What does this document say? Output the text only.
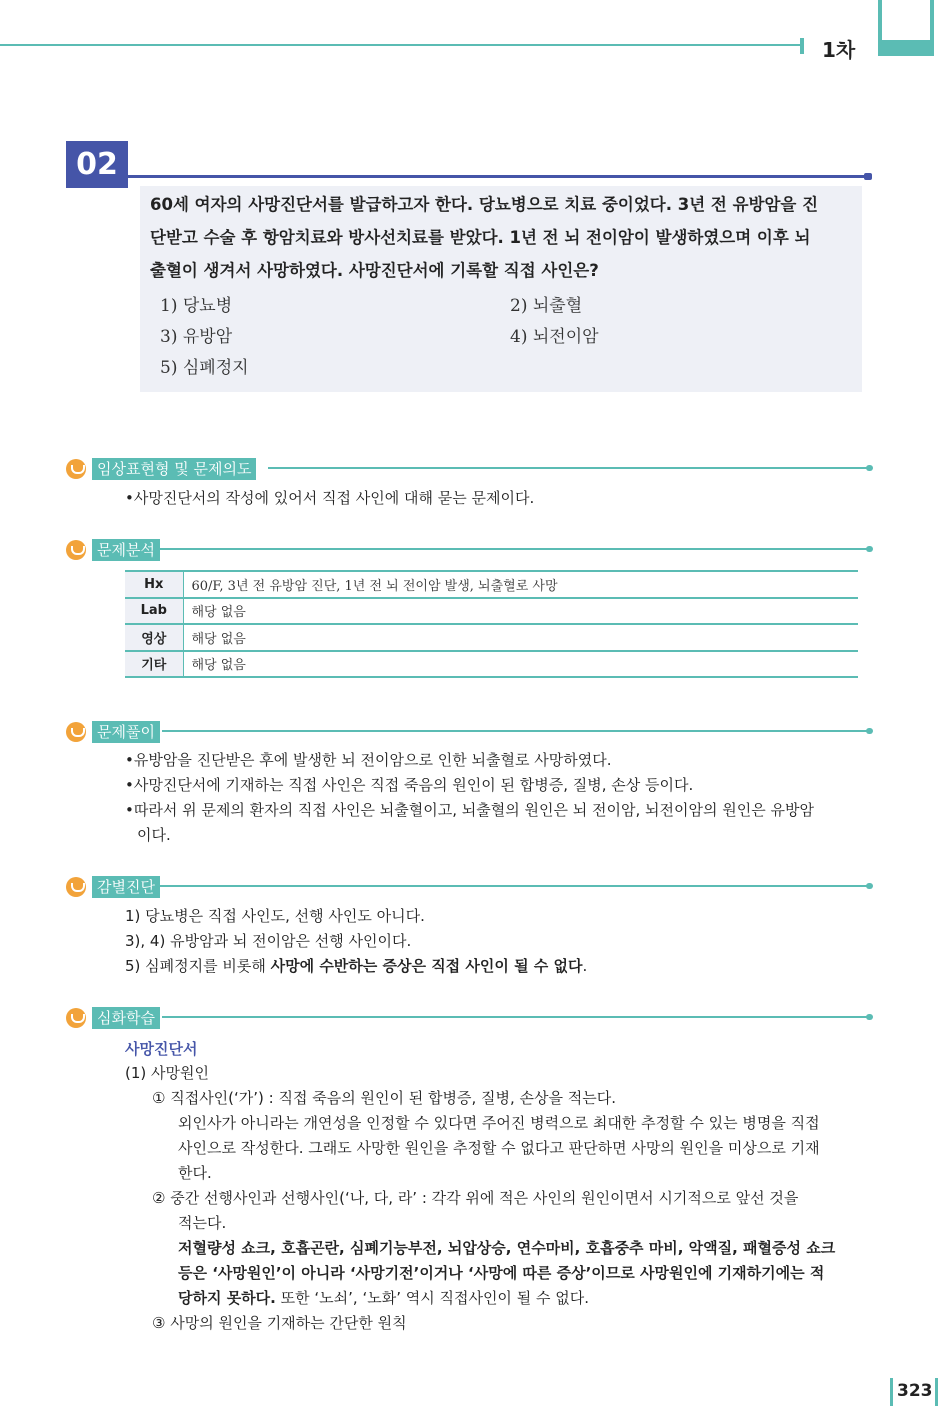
1차
02
60세 여자의 사망진단서를 발급하고자 한다. 당뇨병으로 치료 중이었다. 3년 전 유방암을 진
단받고 수술 후 항암치료와 방사선치료를 받았다. 1년 전 뇌 전이암이 발생하였으며 이후 뇌
출혈이 생겨서 사망하였다. 사망진단서에 기록할 직접 사인은?
1) 당뇨병	2) 뇌출혈
3) 유방암	4) 뇌전이암
5) 심폐정지
임상표현형 및 문제의도
•사망진단서의 작성에 있어서 직접 사인에 대해 묻는 문제이다.
문제분석
Hx	60/F, 3년 전 유방암 진단, 1년 전 뇌 전이암 발생, 뇌출혈로 사망
Lab	해당 없음
영상	해당 없음
기타	해당 없음
문제풀이
•유방암을 진단받은 후에 발생한 뇌 전이암으로 인한 뇌출혈로 사망하였다.
•사망진단서에 기재하는 직접 사인은 직접 죽음의 원인이 된 합병증, 질병, 손상 등이다.
•따라서 위 문제의 환자의 직접 사인은 뇌출혈이고, 뇌출혈의 원인은 뇌 전이암, 뇌전이암의 원인은 유방암
이다.
감별진단
1) 당뇨병은 직접 사인도, 선행 사인도 아니다.
3), 4) 유방암과 뇌 전이암은 선행 사인이다.
5) 심폐정지를 비롯해 사망에 수반하는 증상은 직접 사인이 될 수 없다.
심화학습
사망진단서
(1) 사망원인
① 직접사인(‘가’) : 직접 죽음의 원인이 된 합병증, 질병, 손상을 적는다.
외인사가 아니라는 개연성을 인정할 수 있다면 주어진 병력으로 최대한 추정할 수 있는 병명을 직접
사인으로 작성한다. 그래도 사망한 원인을 추정할 수 없다고 판단하면 사망의 원인을 미상으로 기재
한다.
② 중간 선행사인과 선행사인(‘나, 다, 라’ : 각각 위에 적은 사인의 원인이면서 시기적으로 앞선 것을
적는다.
저혈량성 쇼크, 호흡곤란, 심폐기능부전, 뇌압상승, 연수마비, 호흡중추 마비, 악액질, 패혈증성 쇼크
등은 ‘사망원인’이 아니라 ‘사망기전’이거나 ‘사망에 따른 증상’이므로 사망원인에 기재하기에는 적
당하지 못하다. 또한 ‘노쇠’, ‘노화’ 역시 직접사인이 될 수 없다.
③ 사망의 원인을 기재하는 간단한 원칙
323
